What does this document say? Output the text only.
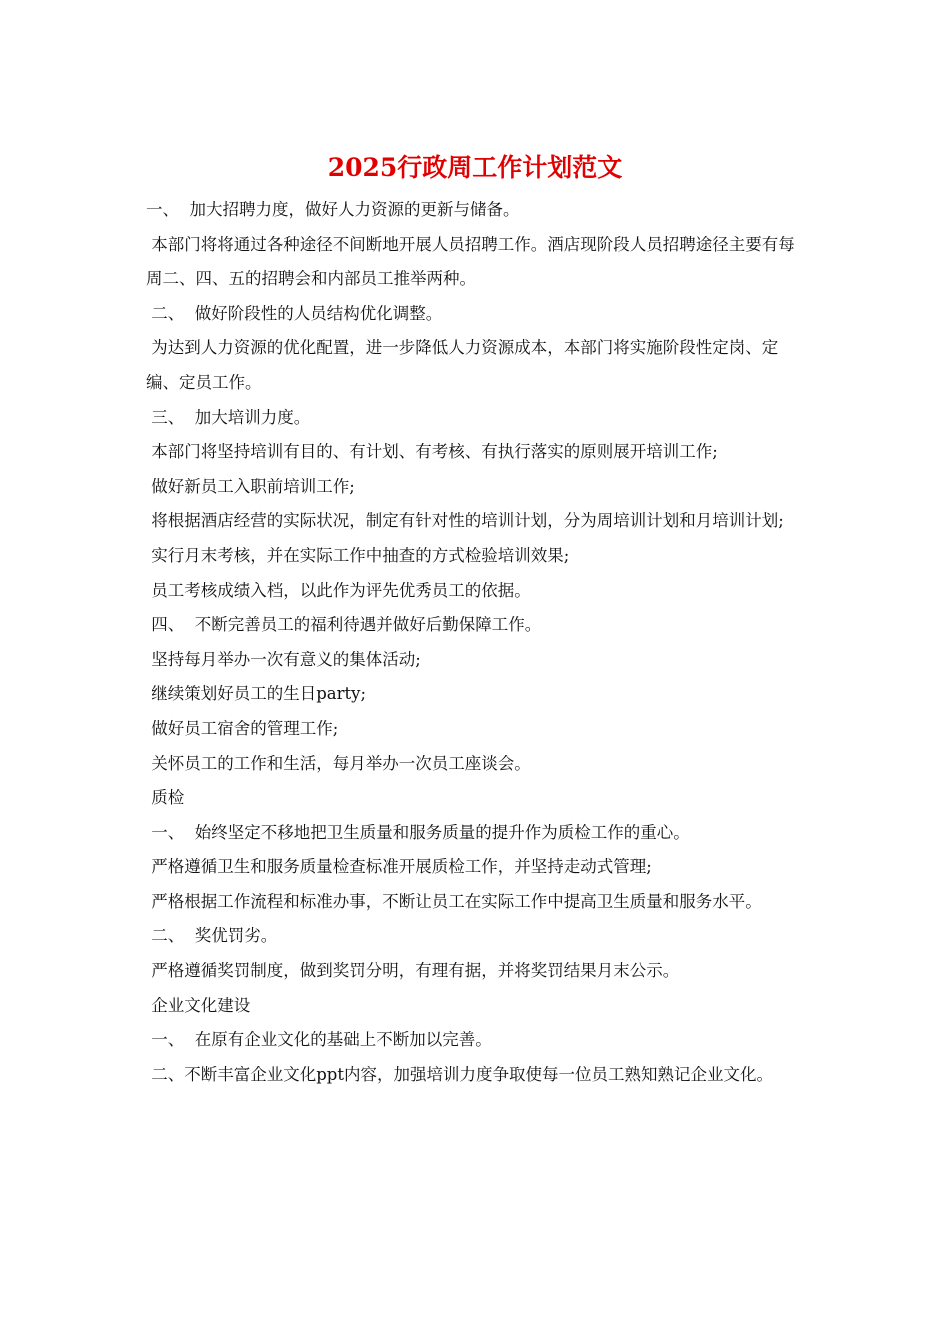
2025行政周工作计划范文

一、  加大招聘力度，做好人力资源的更新与储备。

本部门将将通过各种途径不间断地开展人员招聘工作。酒店现阶段人员招聘途径主要有每周二、四、五的招聘会和内部员工推举两种。

二、  做好阶段性的人员结构优化调整。

为达到人力资源的优化配置，进一步降低人力资源成本，本部门将实施阶段性定岗、定编、定员工作。

三、  加大培训力度。

本部门将坚持培训有目的、有计划、有考核、有执行落实的原则展开培训工作;

做好新员工入职前培训工作;

将根据酒店经营的实际状况，制定有针对性的培训计划，分为周培训计划和月培训计划;

实行月末考核，并在实际工作中抽查的方式检验培训效果;

员工考核成绩入档，以此作为评先优秀员工的依据。

四、  不断完善员工的福利待遇并做好后勤保障工作。

坚持每月举办一次有意义的集体活动;

继续策划好员工的生日party;

做好员工宿舍的管理工作;

关怀员工的工作和生活，每月举办一次员工座谈会。

质检

一、  始终坚定不移地把卫生质量和服务质量的提升作为质检工作的重心。

严格遵循卫生和服务质量检查标准开展质检工作，并坚持走动式管理;

严格根据工作流程和标准办事，不断让员工在实际工作中提高卫生质量和服务水平。

二、  奖优罚劣。

严格遵循奖罚制度，做到奖罚分明，有理有据，并将奖罚结果月末公示。

企业文化建设

一、  在原有企业文化的基础上不断加以完善。

二、不断丰富企业文化ppt内容，加强培训力度争取使每一位员工熟知熟记企业文化。
